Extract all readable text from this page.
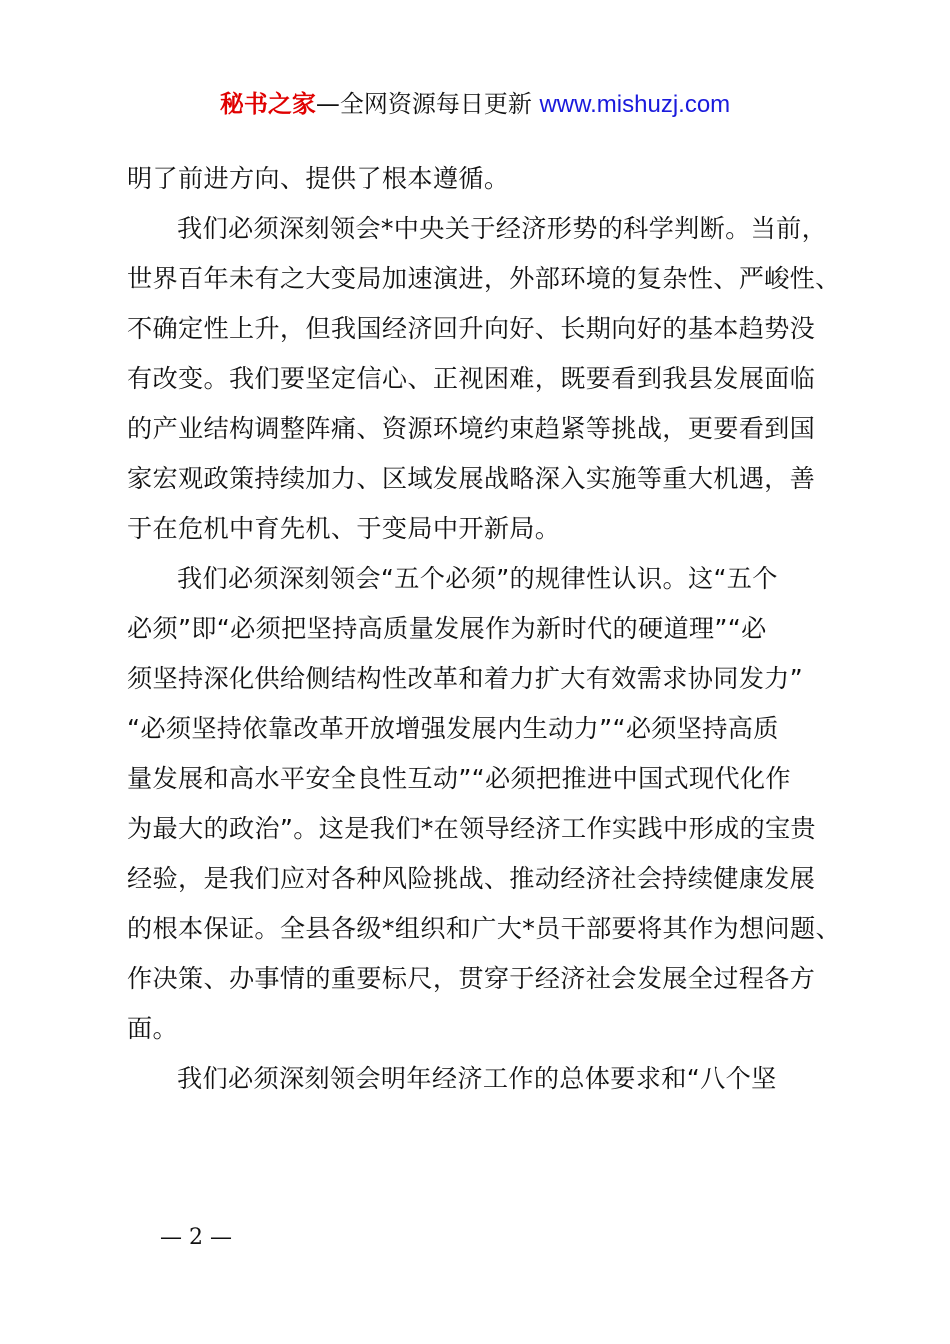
秘书之家—全网资源每日更新 www.mishuzj.com
明了前进方向、提供了根本遵循。
我们必须深刻领会*中央关于经济形势的科学判断。当前，
世界百年未有之大变局加速演进，外部环境的复杂性、严峻性、
不确定性上升，但我国经济回升向好、长期向好的基本趋势没
有改变。我们要坚定信心、正视困难，既要看到我县发展面临
的产业结构调整阵痛、资源环境约束趋紧等挑战，更要看到国
家宏观政策持续加力、区域发展战略深入实施等重大机遇，善
于在危机中育先机、于变局中开新局。
我们必须深刻领会“五个必须”的规律性认识。这“五个
必须”即“必须把坚持高质量发展作为新时代的硬道理”“必
须坚持深化供给侧结构性改革和着力扩大有效需求协同发力”
“必须坚持依靠改革开放增强发展内生动力”“必须坚持高质
量发展和高水平安全良性互动”“必须把推进中国式现代化作
为最大的政治”。这是我们*在领导经济工作实践中形成的宝贵
经验，是我们应对各种风险挑战、推动经济社会持续健康发展
的根本保证。全县各级*组织和广大*员干部要将其作为想问题、
作决策、办事情的重要标尺，贯穿于经济社会发展全过程各方
面。
我们必须深刻领会明年经济工作的总体要求和“八个坚
— 2 —
